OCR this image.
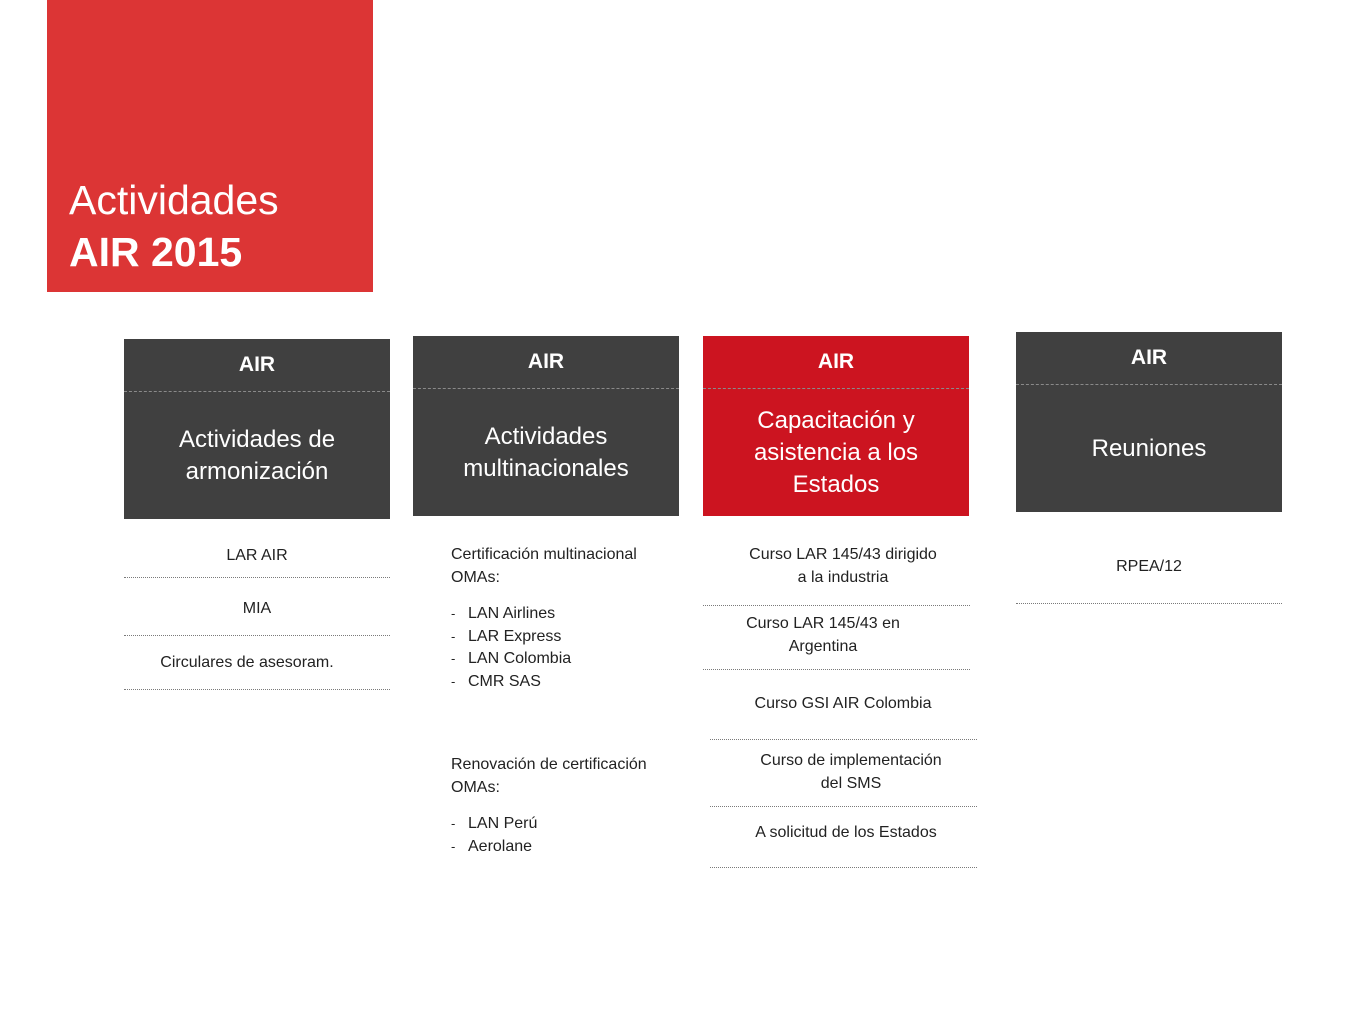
Actividades
AIR 2015
AIR
Actividades de
armonización
LAR AIR
MIA
Circulares de asesoram.
AIR
Actividades
multinacionales
Certificación multinacional
OMAs:
- LAN Airlines
- LAR Express
- LAN Colombia
- CMR SAS
Renovación de certificación
OMAs:
- LAN Perú
- Aerolane
AIR
Capacitación y
asistencia a los
Estados
Curso LAR 145/43 dirigido
a la industria
Curso LAR 145/43 en
Argentina
Curso GSI AIR Colombia
Curso de implementación
del SMS
A solicitud de los Estados
AIR
Reuniones
RPEA/12
